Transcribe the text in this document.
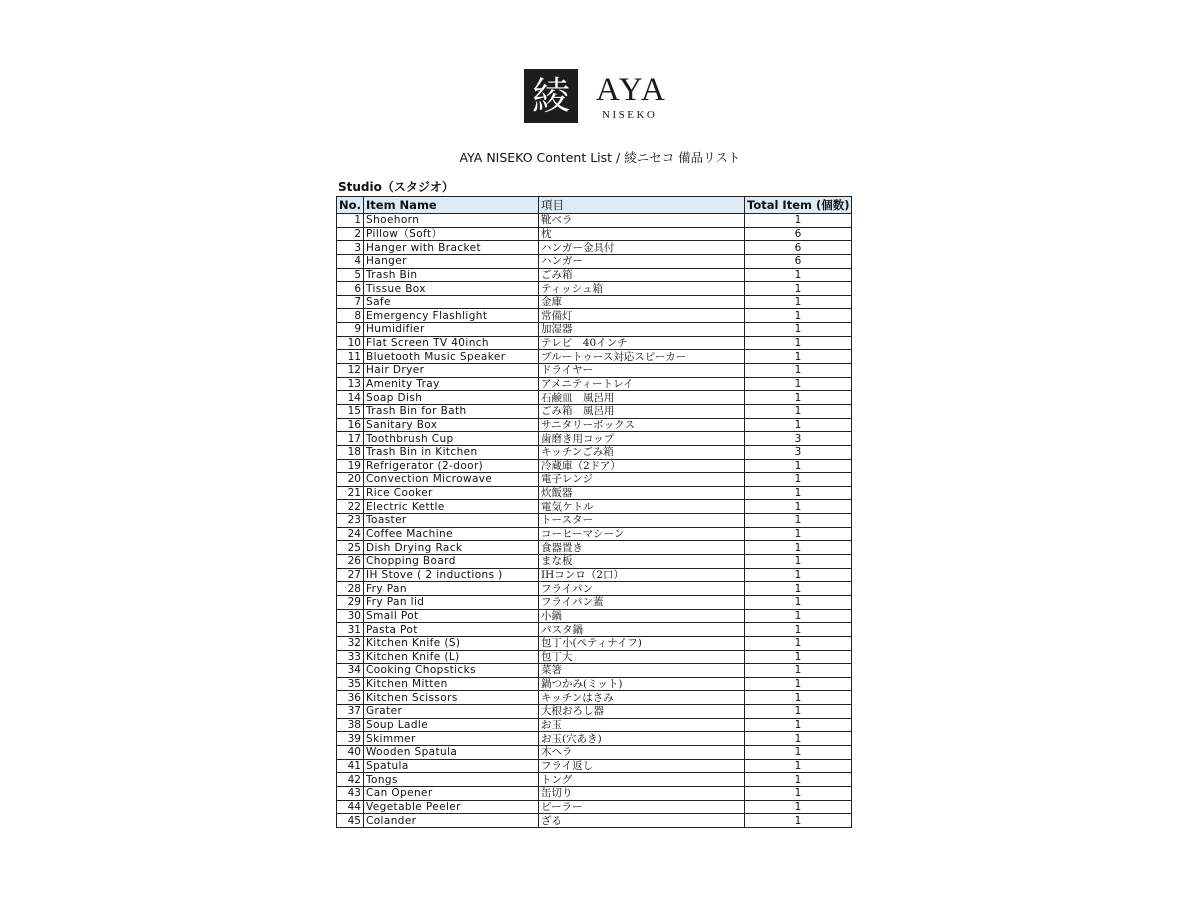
綾 AYA
NISEKO
AYA NISEKO Content List / 綾ニセコ 備品リスト
Studio（スタジオ）
No.	Item Name	項目	Total Item (個数)
1	Shoehorn	靴ベラ	1
2	Pillow（Soft）	枕	6
3	Hanger with Bracket	ハンガー金具付	6
4	Hanger	ハンガー	6
5	Trash Bin	ごみ箱	1
6	Tissue Box	ティッシュ箱	1
7	Safe	金庫	1
8	Emergency Flashlight	常備灯	1
9	Humidifier	加湿器	1
10	Flat Screen TV 40inch	テレビ　40インチ	1
11	Bluetooth Music Speaker	ブルートゥース対応スピーカー	1
12	Hair Dryer	ドライヤー	1
13	Amenity Tray	アメニティートレイ	1
14	Soap Dish	石鹸皿　風呂用	1
15	Trash Bin for Bath	ごみ箱　風呂用	1
16	Sanitary Box	サニタリーボックス	1
17	Toothbrush Cup	歯磨き用コップ	3
18	Trash Bin in Kitchen	キッチンごみ箱	3
19	Refrigerator (2-door)	冷蔵庫（2ドア）	1
20	Convection Microwave	電子レンジ	1
21	Rice Cooker	炊飯器	1
22	Electric Kettle	電気ケトル	1
23	Toaster	トースター	1
24	Coffee Machine	コーヒーマシーン	1
25	Dish Drying Rack	食器置き	1
26	Chopping Board	まな板	1
27	IH Stove ( 2 inductions )	IHコンロ（2口）	1
28	Fry Pan	フライパン	1
29	Fry Pan lid	フライパン蓋	1
30	Small Pot	小鍋	1
31	Pasta Pot	パスタ鍋	1
32	Kitchen Knife (S)	包丁小(ペティナイフ)	1
33	Kitchen Knife (L)	包丁大	1
34	Cooking Chopsticks	菜箸	1
35	Kitchen Mitten	鍋つかみ(ミット)	1
36	Kitchen Scissors	キッチンはさみ	1
37	Grater	大根おろし器	1
38	Soup Ladle	お玉	1
39	Skimmer	お玉(穴あき)	1
40	Wooden Spatula	木ヘラ	1
41	Spatula	フライ返し	1
42	Tongs	トング	1
43	Can Opener	缶切り	1
44	Vegetable Peeler	ピーラー	1
45	Colander	ざる	1
